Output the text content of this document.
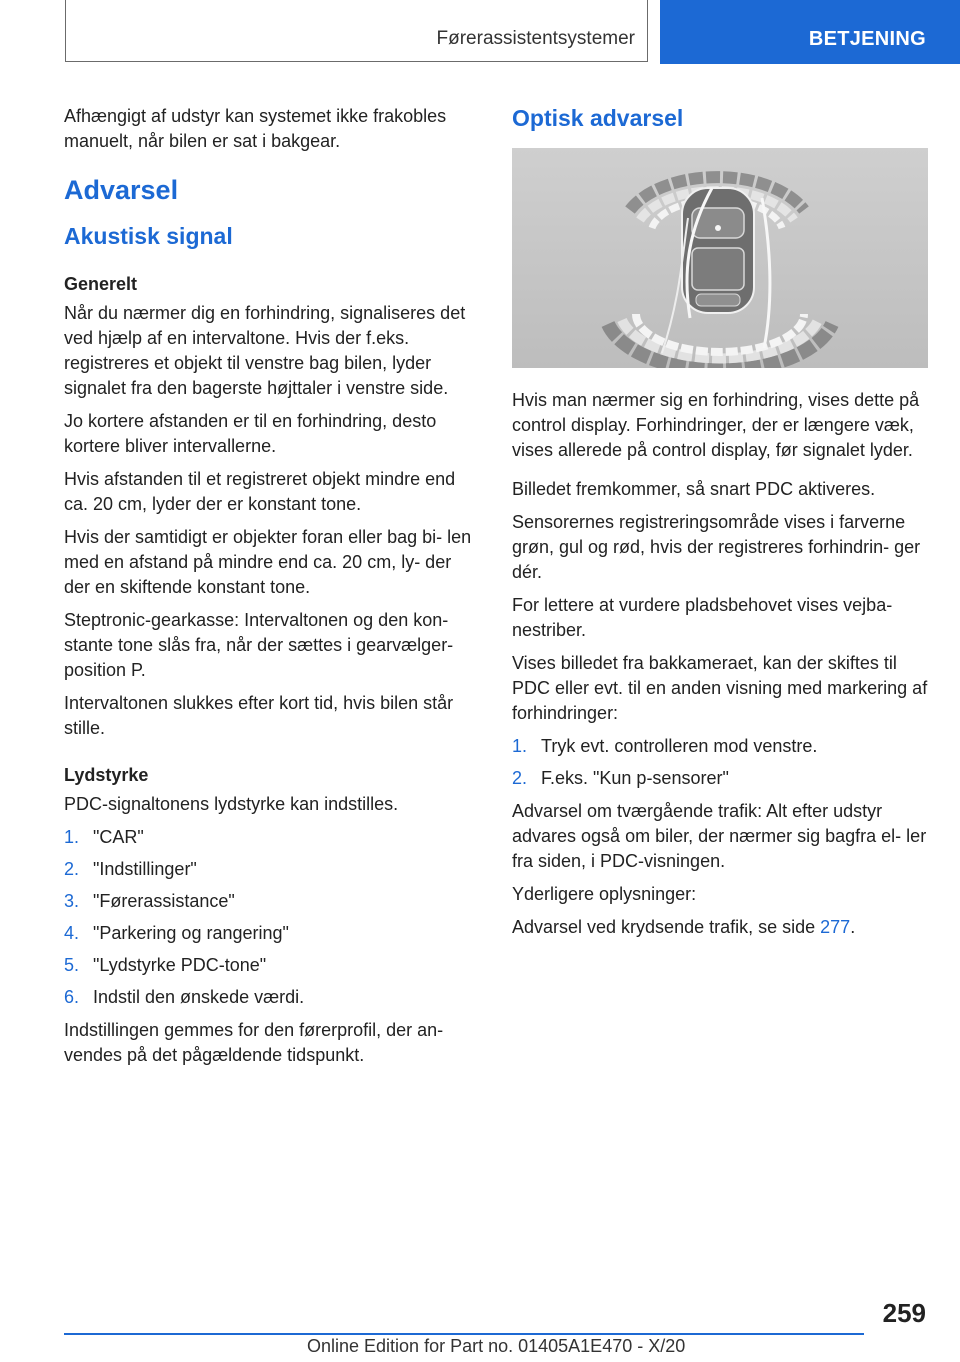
Førerassistentsystemer	BETJENING

Afhængigt af udstyr kan systemet ikke frakobles manuelt, når bilen er sat i bakgear.

Advarsel
Akustisk signal
Generelt

Når du nærmer dig en forhindring, signaliseres det ved hjælp af en intervaltone. Hvis der f.eks. registreres et objekt til venstre bag bilen, lyder signalet fra den bagerste højttaler i venstre side.

Jo kortere afstanden er til en forhindring, desto kortere bliver intervallerne.

Hvis afstanden til et registreret objekt mindre end ca. 20 cm, lyder der er konstant tone.

Hvis der samtidigt er objekter foran eller bag bi‐ len med en afstand på mindre end ca. 20 cm, ly‐ der der en skiftende konstant tone.

Steptronic-gearkasse: Intervaltonen og den kon‐ stante tone slås fra, når der sættes i gearvælger‐ position P.

Intervaltonen slukkes efter kort tid, hvis bilen står stille.

Lydstyrke

PDC-signaltonens lydstyrke kan indstilles.

1. "CAR"
2. "Indstillinger"
3. "Førerassistance"
4. "Parkering og rangering"
5. "Lydstyrke PDC-tone"
6. Indstil den ønskede værdi.

Indstillingen gemmes for den førerprofil, der an‐ vendes på det pågældende tidspunkt.

Optisk advarsel

Hvis man nærmer sig en forhindring, vises dette på control display. Forhindringer, der er længere væk, vises allerede på control display, før signalet lyder.

Billedet fremkommer, så snart PDC aktiveres.

Sensorernes registreringsområde vises i farverne grøn, gul og rød, hvis der registreres forhindrin‐ ger dér.

For lettere at vurdere pladsbehovet vises vejba‐ nestriber.

Vises billedet fra bakkameraet, kan der skiftes til PDC eller evt. til en anden visning med markering af forhindringer:

1. Tryk evt. controlleren mod venstre.
2. F.eks. "Kun p-sensorer"

Advarsel om tværgående trafik: Alt efter udstyr advares også om biler, der nærmer sig bagfra el‐ ler fra siden, i PDC-visningen.

Yderligere oplysninger:

Advarsel ved krydsende trafik, se side 277.

259
Online Edition for Part no. 01405A1E470 - X/20
